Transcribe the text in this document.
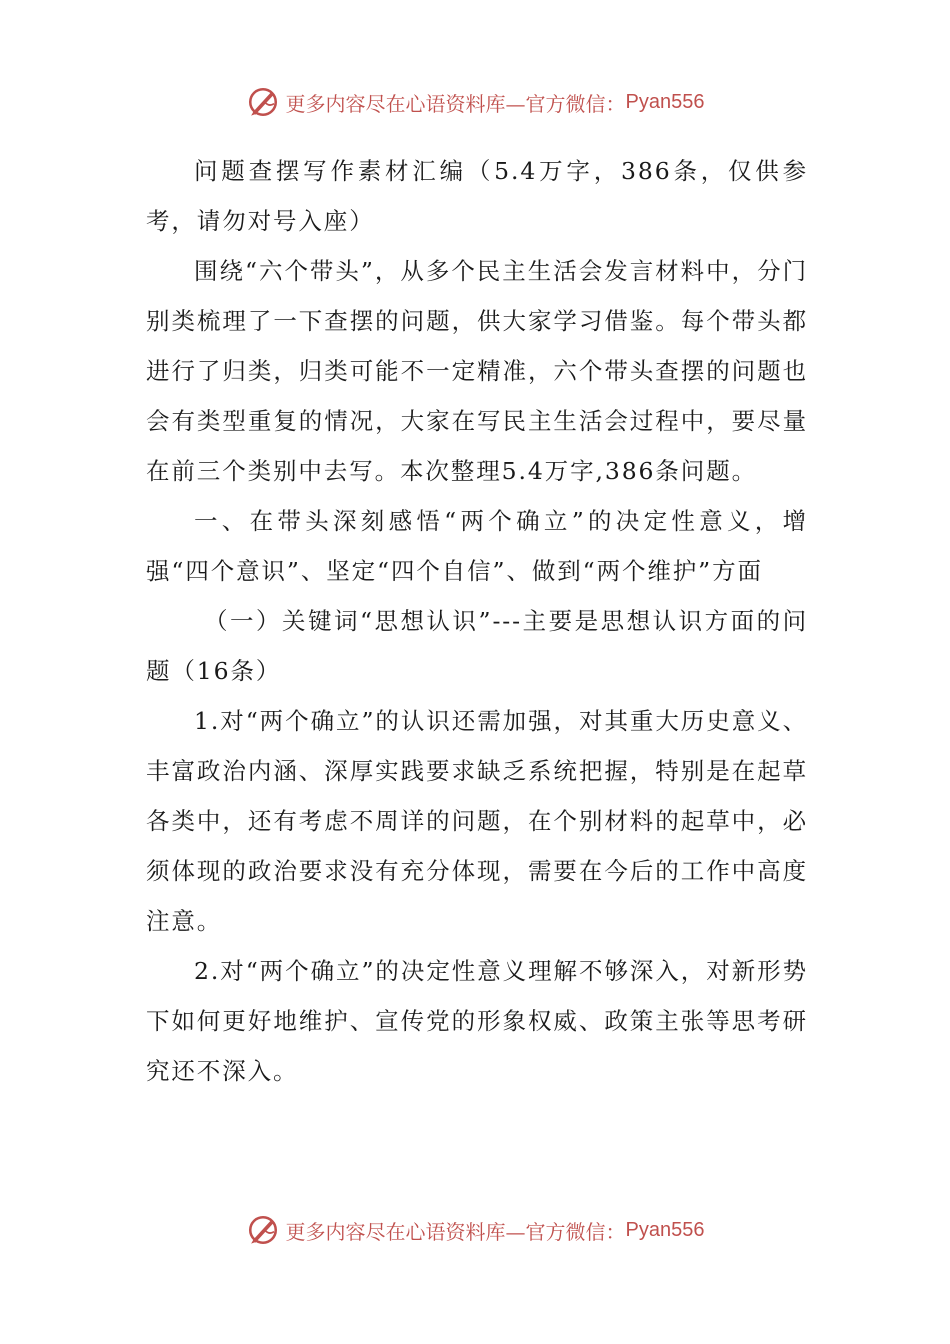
更多内容尽在心语资料库—官方微信： Pyan556

问题查摆写作素材汇编（5.4万字，386条，仅供参考，请勿对号入座）

围绕“六个带头”，从多个民主生活会发言材料中，分门别类梳理了一下查摆的问题，供大家学习借鉴。每个带头都进行了归类，归类可能不一定精准，六个带头查摆的问题也会有类型重复的情况，大家在写民主生活会过程中，要尽量在前三个类别中去写。本次整理5.4万字,386条问题。

一、在带头深刻感悟“两个确立”的决定性意义，增强“四个意识”、坚定“四个自信”、做到“两个维护”方面

（一）关键词“思想认识”---主要是思想认识方面的问题（16条）

1.对“两个确立”的认识还需加强，对其重大历史意义、丰富政治内涵、深厚实践要求缺乏系统把握，特别是在起草各类中，还有考虑不周详的问题，在个别材料的起草中，必须体现的政治要求没有充分体现，需要在今后的工作中高度注意。

2.对“两个确立”的决定性意义理解不够深入，对新形势下如何更好地维护、宣传党的形象权威、政策主张等思考研究还不深入。

更多内容尽在心语资料库—官方微信： Pyan556
